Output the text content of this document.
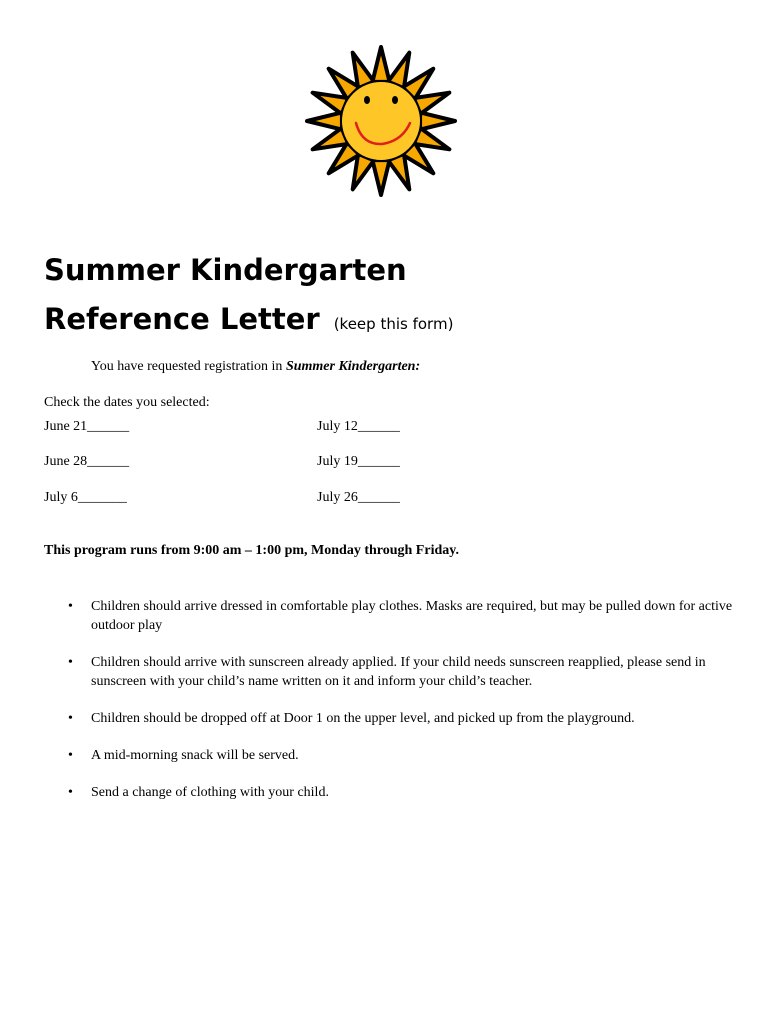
Summer Kindergarten
Reference Letter (keep this form)
You have requested registration in Summer Kindergarten:
Check the dates you selected:
June 21______	July 12______
June 28______	July 19______
July 6_______	July 26______
This program runs from 9:00 am – 1:00 pm, Monday through Friday.
• Children should arrive dressed in comfortable play clothes. Masks are required, but may be pulled down for active outdoor play
• Children should arrive with sunscreen already applied. If your child needs sunscreen reapplied, please send in sunscreen with your child’s name written on it and inform your child’s teacher.
• Children should be dropped off at Door 1 on the upper level, and picked up from the playground.
• A mid-morning snack will be served.
• Send a change of clothing with your child.
